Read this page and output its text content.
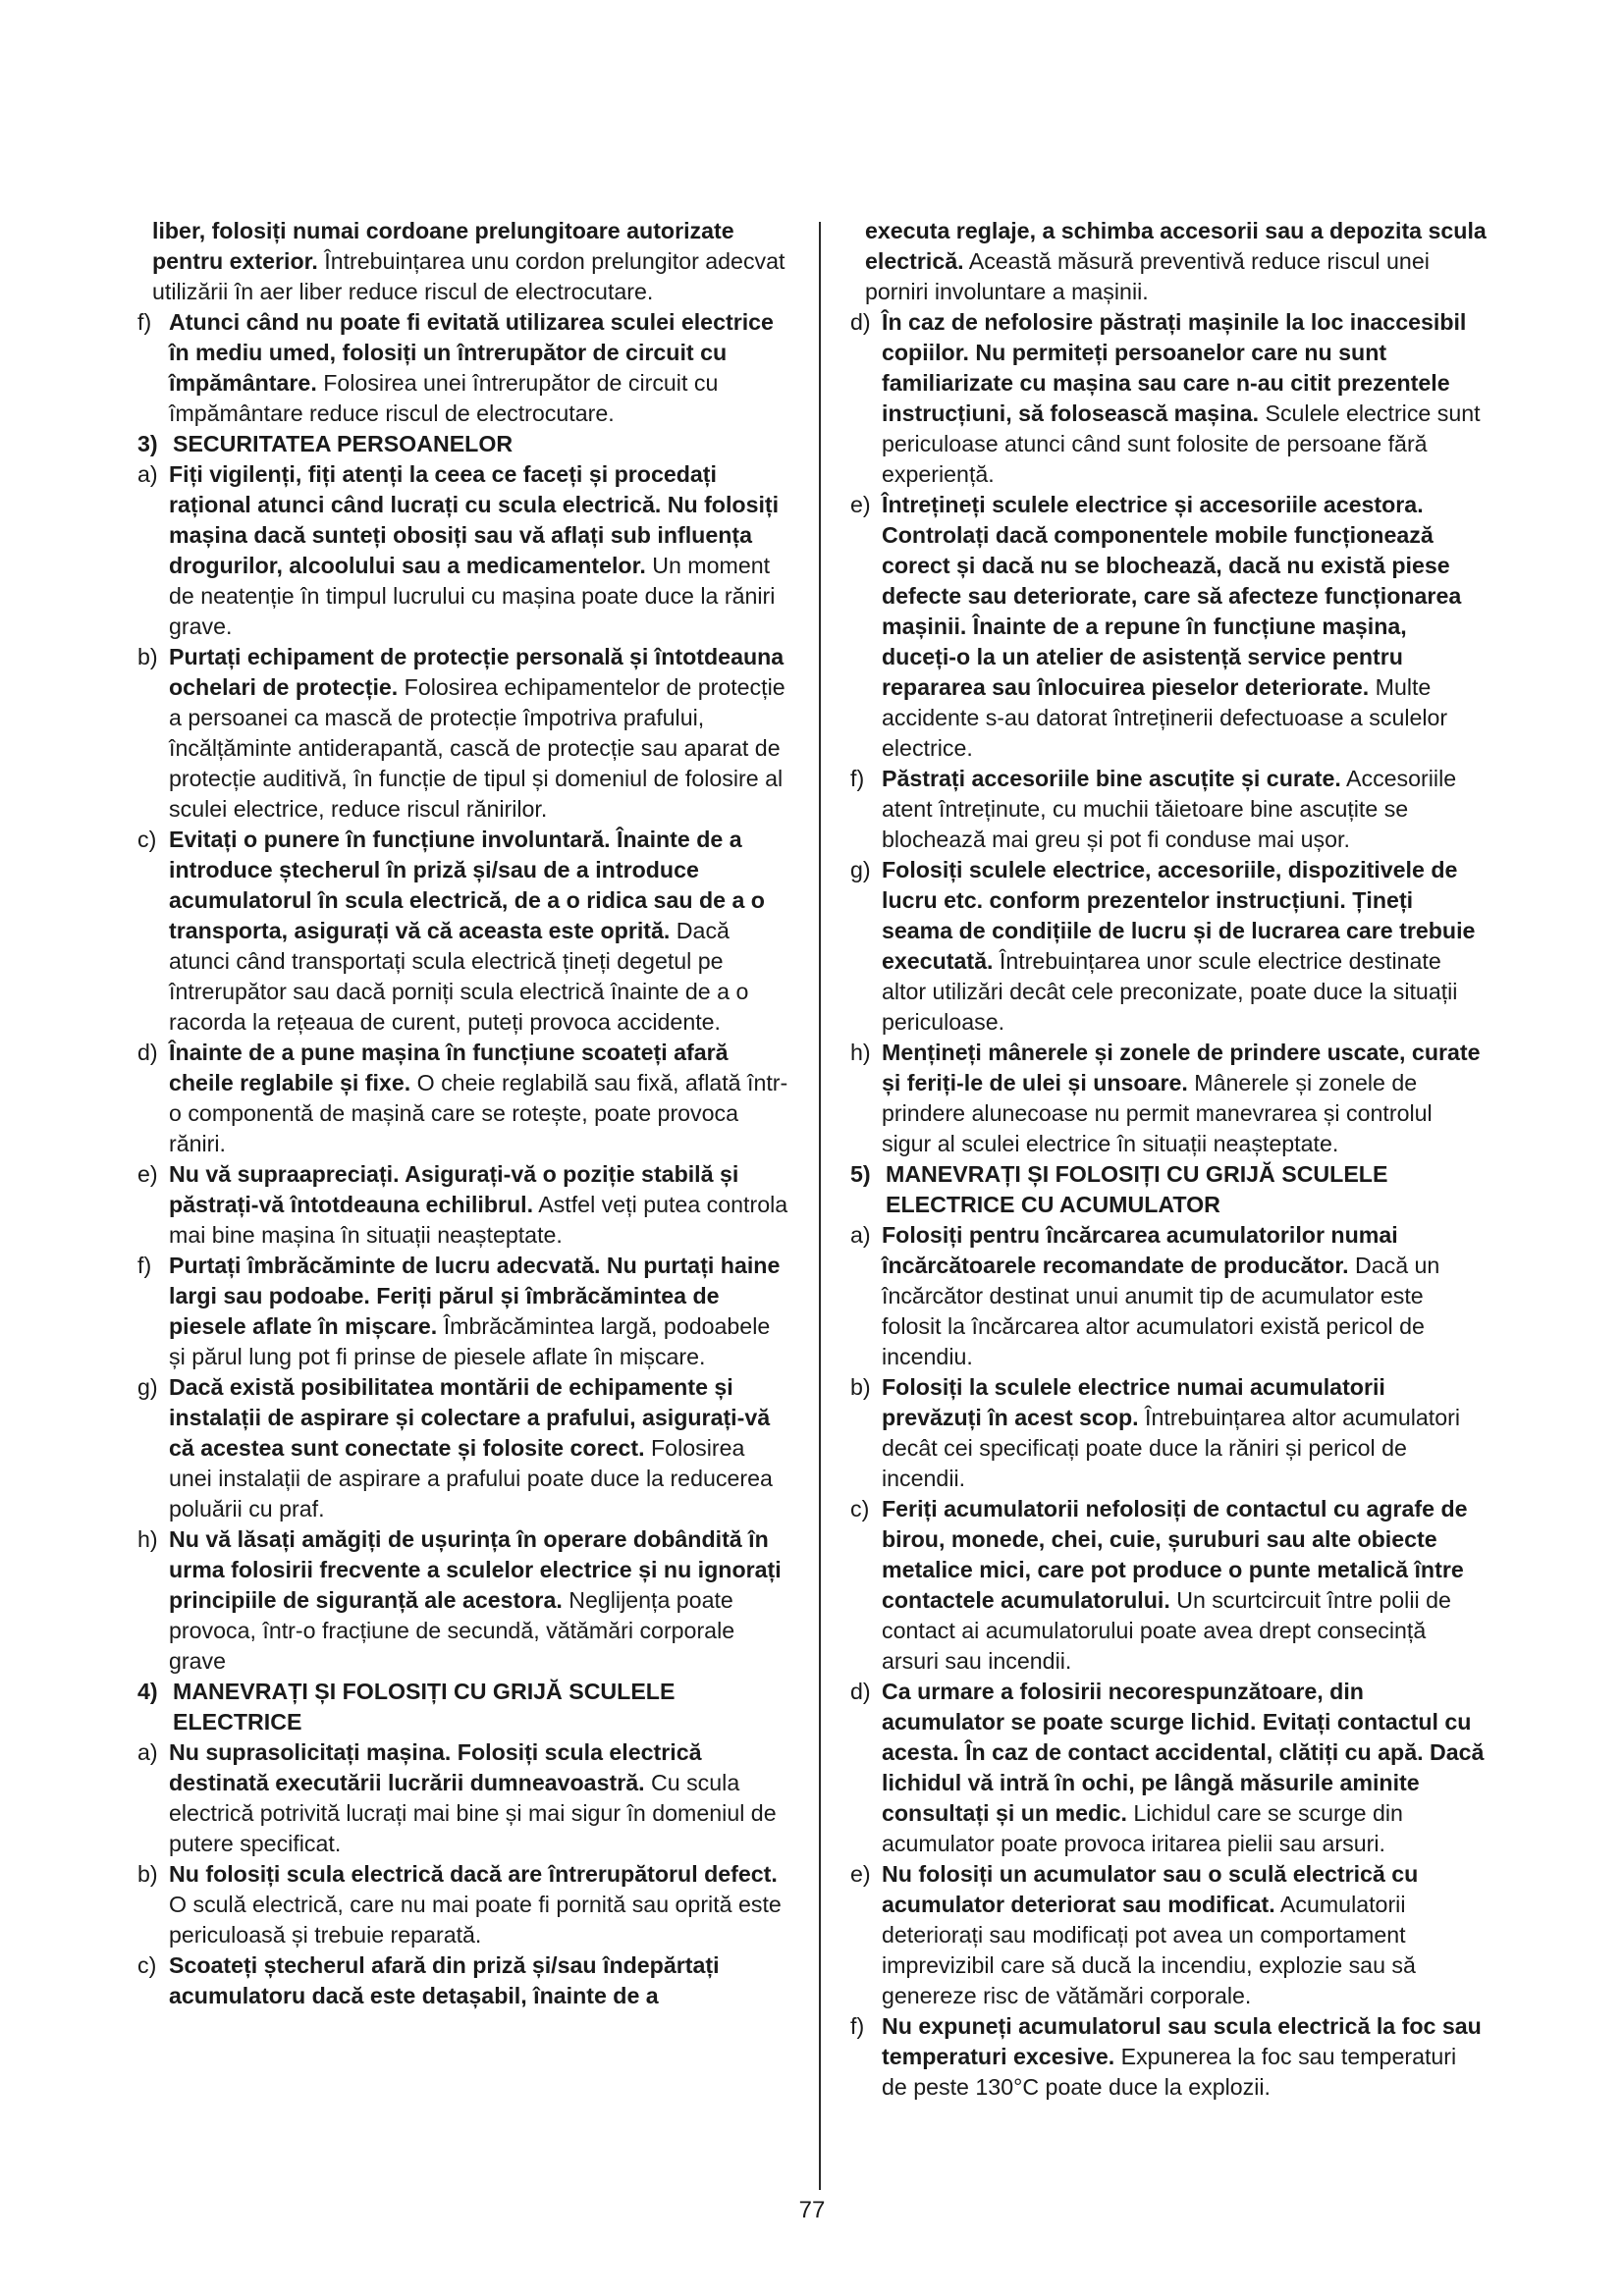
liber, folosiți numai cordoane prelungitoare autorizate pentru exterior. Întrebuințarea unu cordon prelungitor adecvat utilizării în aer liber reduce riscul de electrocutare.

f) Atunci când nu poate fi evitată utilizarea sculei electrice în mediu umed, folosiți un întrerupător de circuit cu împământare. Folosirea unei întrerupător de circuit cu împământare reduce riscul de electrocutare.
3) SECURITATEA PERSOANELOR
a) Fiți vigilenți, fiți atenți la ceea ce faceți și procedați rațional atunci când lucrați cu scula electrică. Nu folosiți mașina dacă sunteți obosiți sau vă aflați sub influența drogurilor, alcoolului sau a medicamentelor. Un moment de neatenție în timpul lucrului cu mașina poate duce la răniri grave.
b) Purtați echipament de protecție personală și întotdeauna ochelari de protecție. Folosirea echipamentelor de protecție a persoanei ca mască de protecție împotriva prafului, încălțăminte antiderapantă, cască de protecție sau aparat de protecție auditivă, în funcție de tipul și domeniul de folosire al sculei electrice, reduce riscul rănirilor.
c) Evitați o punere în funcțiune involuntară. Înainte de a introduce ștecherul în priză și/sau de a introduce acumulatorul în scula electrică, de a o ridica sau de a o transporta, asigurați vă că aceasta este oprită. Dacă atunci când transportați scula electrică țineți degetul pe întrerupător sau dacă porniți scula electrică înainte de a o racorda la rețeaua de curent, puteți provoca accidente.
d) Înainte de a pune mașina în funcțiune scoateți afară cheile reglabile și fixe. O cheie reglabilă sau fixă, aflată într-o componentă de mașină care se rotește, poate provoca răniri.
e) Nu vă supraapreciați. Asigurați-vă o poziție stabilă și păstrați-vă întotdeauna echilibrul. Astfel veți putea controla mai bine mașina în situații neașteptate.
f) Purtați îmbrăcăminte de lucru adecvată. Nu purtați haine largi sau podoabe. Feriți părul și îmbrăcămintea de piesele aflate în mișcare. Îmbrăcămintea largă, podoabele și părul lung pot fi prinse de piesele aflate în mișcare.
g) Dacă există posibilitatea montării de echipamente și instalații de aspirare și colectare a prafului, asigurați-vă că acestea sunt conectate și folosite corect. Folosirea unei instalații de aspirare a prafului poate duce la reducerea poluării cu praf.
h) Nu vă lăsați amăgiți de ușurința în operare dobândită în urma folosirii frecvente a sculelor electrice și nu ignorați principiile de siguranță ale acestora. Neglijența poate provoca, într-o fracțiune de secundă, vătămări corporale grave
4) MANEVRAȚI ȘI FOLOSIȚI CU GRIJĂ SCULELE ELECTRICE
a) Nu suprasolicitați mașina. Folosiți scula electrică destinată executării lucrării dumneavoastră. Cu scula electrică potrivită lucrați mai bine și mai sigur în domeniul de putere specificat.
b) Nu folosiți scula electrică dacă are întrerupătorul defect. O sculă electrică, care nu mai poate fi pornită sau oprită este periculoasă și trebuie reparată.
c) Scoateți ștecherul afară din priză și/sau îndepărtați acumulatoru dacă este detașabil, înainte de a

executa reglaje, a schimba accesorii sau a depozita scula electrică. Această măsură preventivă reduce riscul unei porniri involuntare a mașinii.

d) În caz de nefolosire păstrați mașinile la loc inaccesibil copiilor. Nu permiteți persoanelor care nu sunt familiarizate cu mașina sau care n-au citit prezentele instrucțiuni, să folosească mașina. Sculele electrice sunt periculoase atunci când sunt folosite de persoane fără experiență.
e) Întrețineți sculele electrice și accesoriile acestora. Controlați dacă componentele mobile funcționează corect și dacă nu se blochează, dacă nu există piese defecte sau deteriorate, care să afecteze funcționarea mașinii. Înainte de a repune în funcțiune mașina, duceți-o la un atelier de asistență service pentru repararea sau înlocuirea pieselor deteriorate. Multe accidente s-au datorat întreținerii defectuoase a sculelor electrice.
f) Păstrați accesoriile bine ascuțite și curate. Accesoriile atent întreținute, cu muchii tăietoare bine ascuțite se blochează mai greu și pot fi conduse mai ușor.
g) Folosiți sculele electrice, accesoriile, dispozitivele de lucru etc. conform prezentelor instrucțiuni. Țineți seama de condițiile de lucru și de lucrarea care trebuie executată. Întrebuințarea unor scule electrice destinate altor utilizări decât cele preconizate, poate duce la situații periculoase.
h) Mențineți mânerele și zonele de prindere uscate, curate și feriți-le de ulei și unsoare. Mânerele și zonele de prindere alunecoase nu permit manevrarea și controlul sigur al sculei electrice în situații neașteptate.
5) MANEVRAȚI ȘI FOLOSIȚI CU GRIJĂ SCULELE ELECTRICE CU ACUMULATOR
a) Folosiți pentru încărcarea acumulatorilor numai încărcătoarele recomandate de producător. Dacă un încărcător destinat unui anumit tip de acumulator este folosit la încărcarea altor acumulatori există pericol de incendiu.
b) Folosiți la sculele electrice numai acumulatorii prevăzuți în acest scop. Întrebuințarea altor acumulatori decât cei specificați poate duce la răniri și pericol de incendii.
c) Feriți acumulatorii nefolosiți de contactul cu agrafe de birou, monede, chei, cuie, șuruburi sau alte obiecte metalice mici, care pot produce o punte metalică între contactele acumulatorului. Un scurtcircuit între polii de contact ai acumulatorului poate avea drept consecință arsuri sau incendii.
d) Ca urmare a folosirii necorespunzătoare, din acumulator se poate scurge lichid. Evitați contactul cu acesta. În caz de contact accidental, clătiți cu apă. Dacă lichidul vă intră în ochi, pe lângă măsurile aminite consultați și un medic. Lichidul care se scurge din acumulator poate provoca iritarea pielii sau arsuri.
e) Nu folosiți un acumulator sau o sculă electrică cu acumulator deteriorat sau modificat. Acumulatorii deteriorați sau modificați pot avea un comportament imprevizibil care să ducă la incendiu, explozie sau să genereze risc de vătămări corporale.
f) Nu expuneți acumulatorul sau scula electrică la foc sau temperaturi excesive. Expunerea la foc sau temperaturi de peste 130°C poate duce la explozii.
77
